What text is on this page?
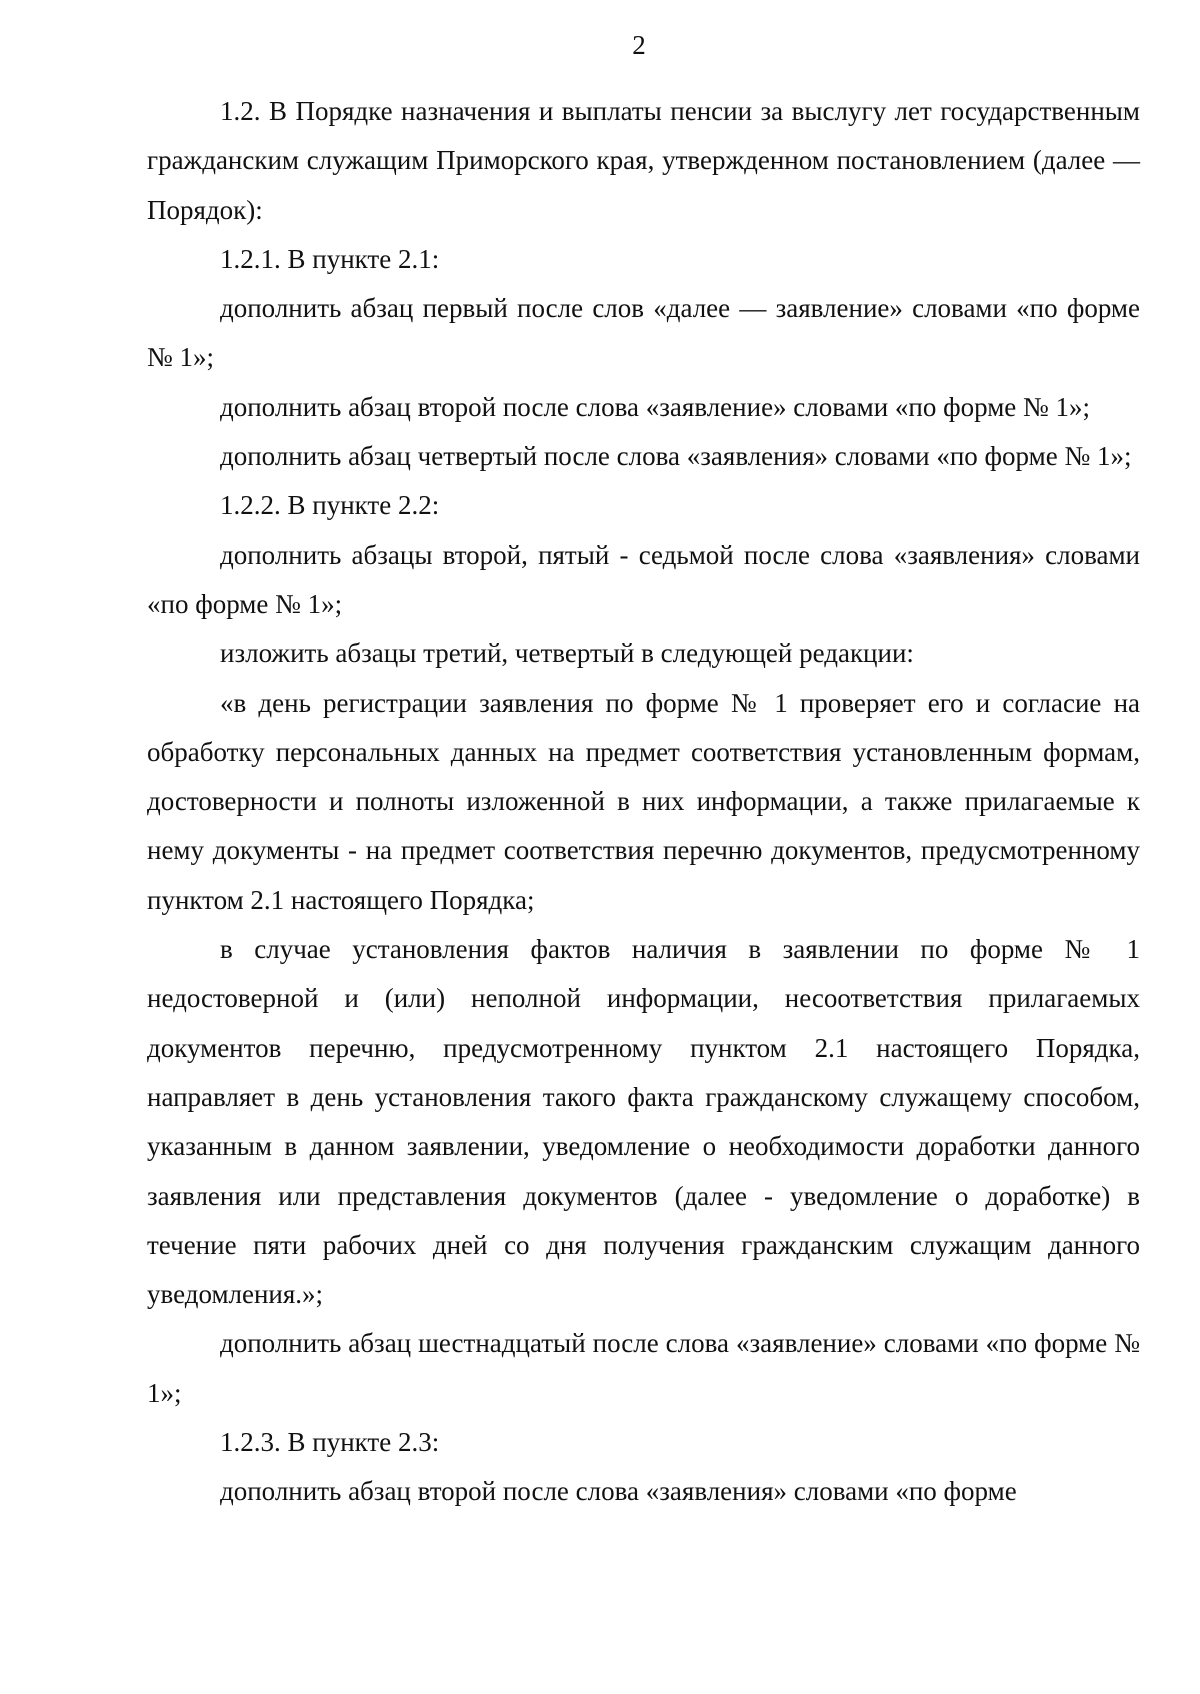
2

1.2. В Порядке назначения и выплаты пенсии за выслугу лет государственным гражданским служащим Приморского края, утвержденном постановлением (далее — Порядок):

1.2.1. В пункте 2.1:

дополнить абзац первый после слов «далее — заявление» словами «по форме № 1»;

дополнить абзац второй после слова «заявление» словами «по форме № 1»;

дополнить абзац четвертый после слова «заявления» словами «по форме № 1»;

1.2.2. В пункте 2.2:

дополнить абзацы второй, пятый - седьмой после слова «заявления» словами «по форме № 1»;

изложить абзацы третий, четвертый в следующей редакции:

«в день регистрации заявления по форме № 1 проверяет его и согласие на обработку персональных данных на предмет соответствия установленным формам, достоверности и полноты изложенной в них информации, а также прилагаемые к нему документы - на предмет соответствия перечню документов, предусмотренному пунктом 2.1 настоящего Порядка;

в случае установления фактов наличия в заявлении по форме № 1 недостоверной и (или) неполной информации, несоответствия прилагаемых документов перечню, предусмотренному пунктом 2.1 настоящего Порядка, направляет в день установления такого факта гражданскому служащему способом, указанным в данном заявлении, уведомление о необходимости доработки данного заявления или представления документов (далее - уведомление о доработке) в течение пяти рабочих дней со дня получения гражданским служащим данного уведомления.»;

дополнить абзац шестнадцатый после слова «заявление» словами «по форме № 1»;

1.2.3. В пункте 2.3:

дополнить абзац второй после слова «заявления» словами «по форме
